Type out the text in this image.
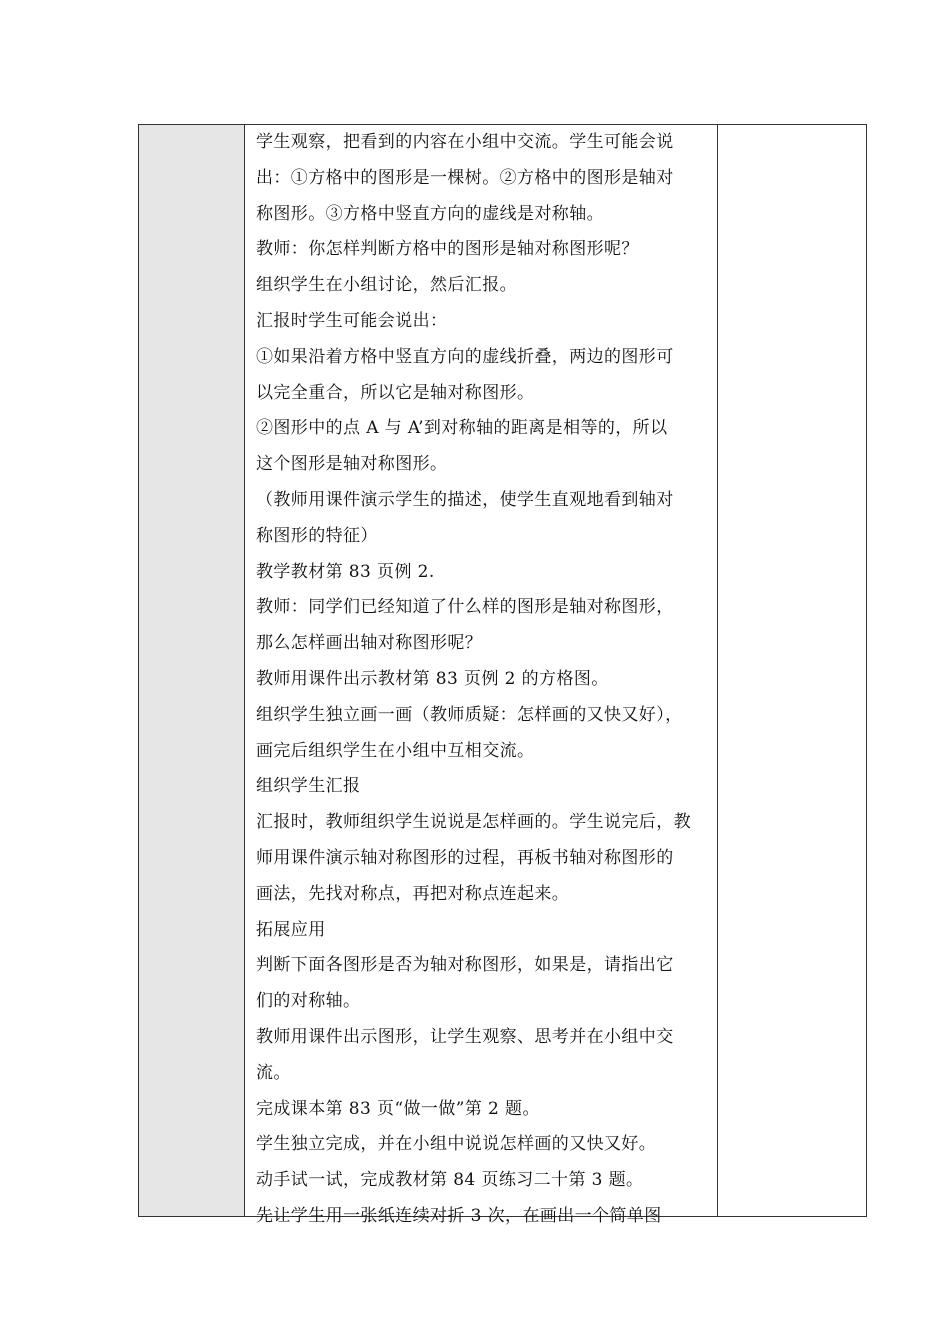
学生观察，把看到的内容在小组中交流。学生可能会说
出：①方格中的图形是一棵树。②方格中的图形是轴对
称图形。③方格中竖直方向的虚线是对称轴。
教师：你怎样判断方格中的图形是轴对称图形呢？
组织学生在小组讨论，然后汇报。
汇报时学生可能会说出：
①如果沿着方格中竖直方向的虚线折叠，两边的图形可
以完全重合，所以它是轴对称图形。
②图形中的点 A 与 A’到对称轴的距离是相等的，所以
这个图形是轴对称图形。
（教师用课件演示学生的描述，使学生直观地看到轴对
称图形的特征）
教学教材第 83 页例 2.
教师：同学们已经知道了什么样的图形是轴对称图形，
那么怎样画出轴对称图形呢？
教师用课件出示教材第 83 页例 2 的方格图。
组织学生独立画一画（教师质疑：怎样画的又快又好），
画完后组织学生在小组中互相交流。
组织学生汇报
汇报时，教师组织学生说说是怎样画的。学生说完后，教
师用课件演示轴对称图形的过程，再板书轴对称图形的
画法，先找对称点，再把对称点连起来。
拓展应用
判断下面各图形是否为轴对称图形，如果是，请指出它
们的对称轴。
教师用课件出示图形，让学生观察、思考并在小组中交
流。
完成课本第 83 页“做一做”第 2 题。
学生独立完成，并在小组中说说怎样画的又快又好。
动手试一试，完成教材第 84 页练习二十第 3 题。
先让学生用一张纸连续对折 3 次，在画出一个简单图
